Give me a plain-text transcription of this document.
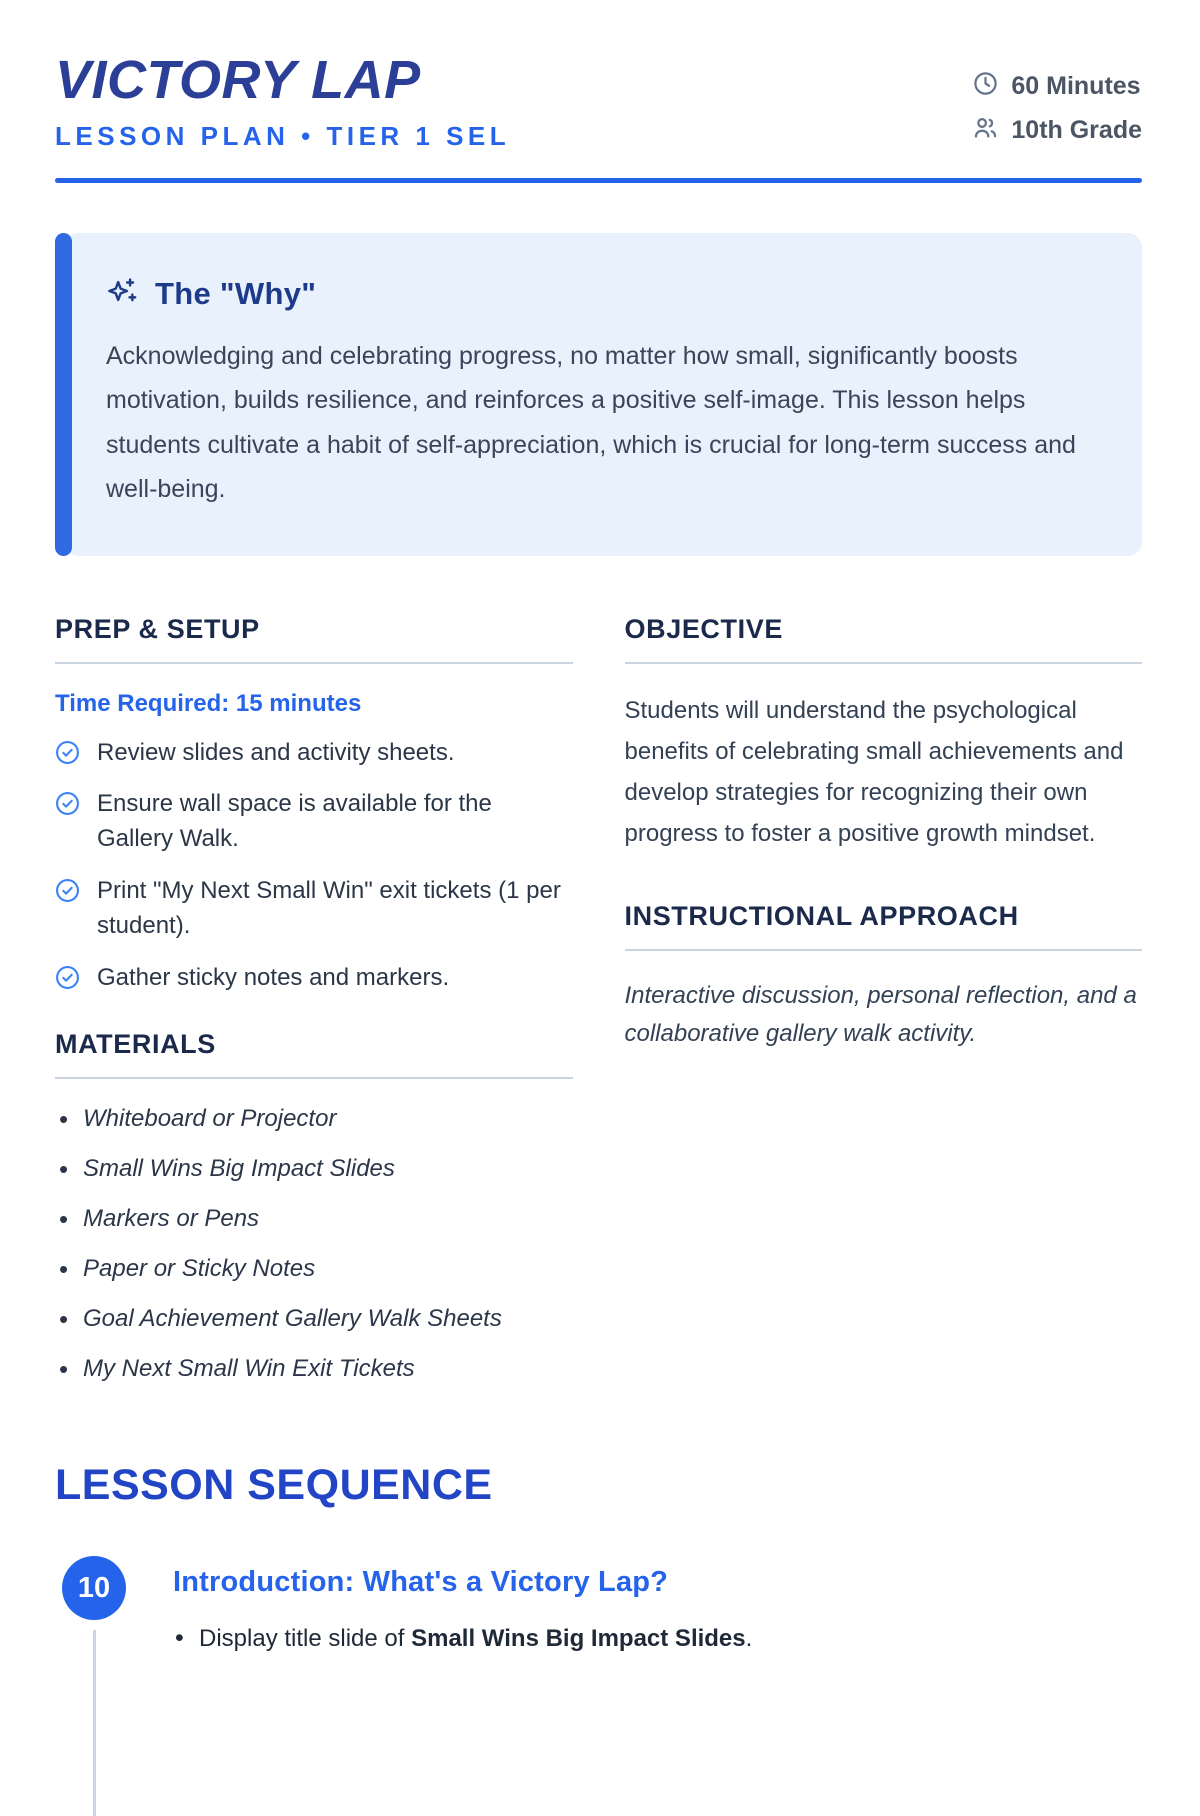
VICTORY LAP
LESSON PLAN • TIER 1 SEL
60 Minutes
10th Grade
The "Why"
Acknowledging and celebrating progress, no matter how small, significantly boosts motivation, builds resilience, and reinforces a positive self-image. This lesson helps students cultivate a habit of self-appreciation, which is crucial for long-term success and well-being.
PREP & SETUP
Time Required: 15 minutes
Review slides and activity sheets.
Ensure wall space is available for the Gallery Walk.
Print "My Next Small Win" exit tickets (1 per student).
Gather sticky notes and markers.
MATERIALS
• Whiteboard or Projector
• Small Wins Big Impact Slides
• Markers or Pens
• Paper or Sticky Notes
• Goal Achievement Gallery Walk Sheets
• My Next Small Win Exit Tickets
OBJECTIVE
Students will understand the psychological benefits of celebrating small achievements and develop strategies for recognizing their own progress to foster a positive growth mindset.
INSTRUCTIONAL APPROACH
Interactive discussion, personal reflection, and a collaborative gallery walk activity.
LESSON SEQUENCE
10	Introduction: What's a Victory Lap?
• Display title slide of Small Wins Big Impact Slides.
